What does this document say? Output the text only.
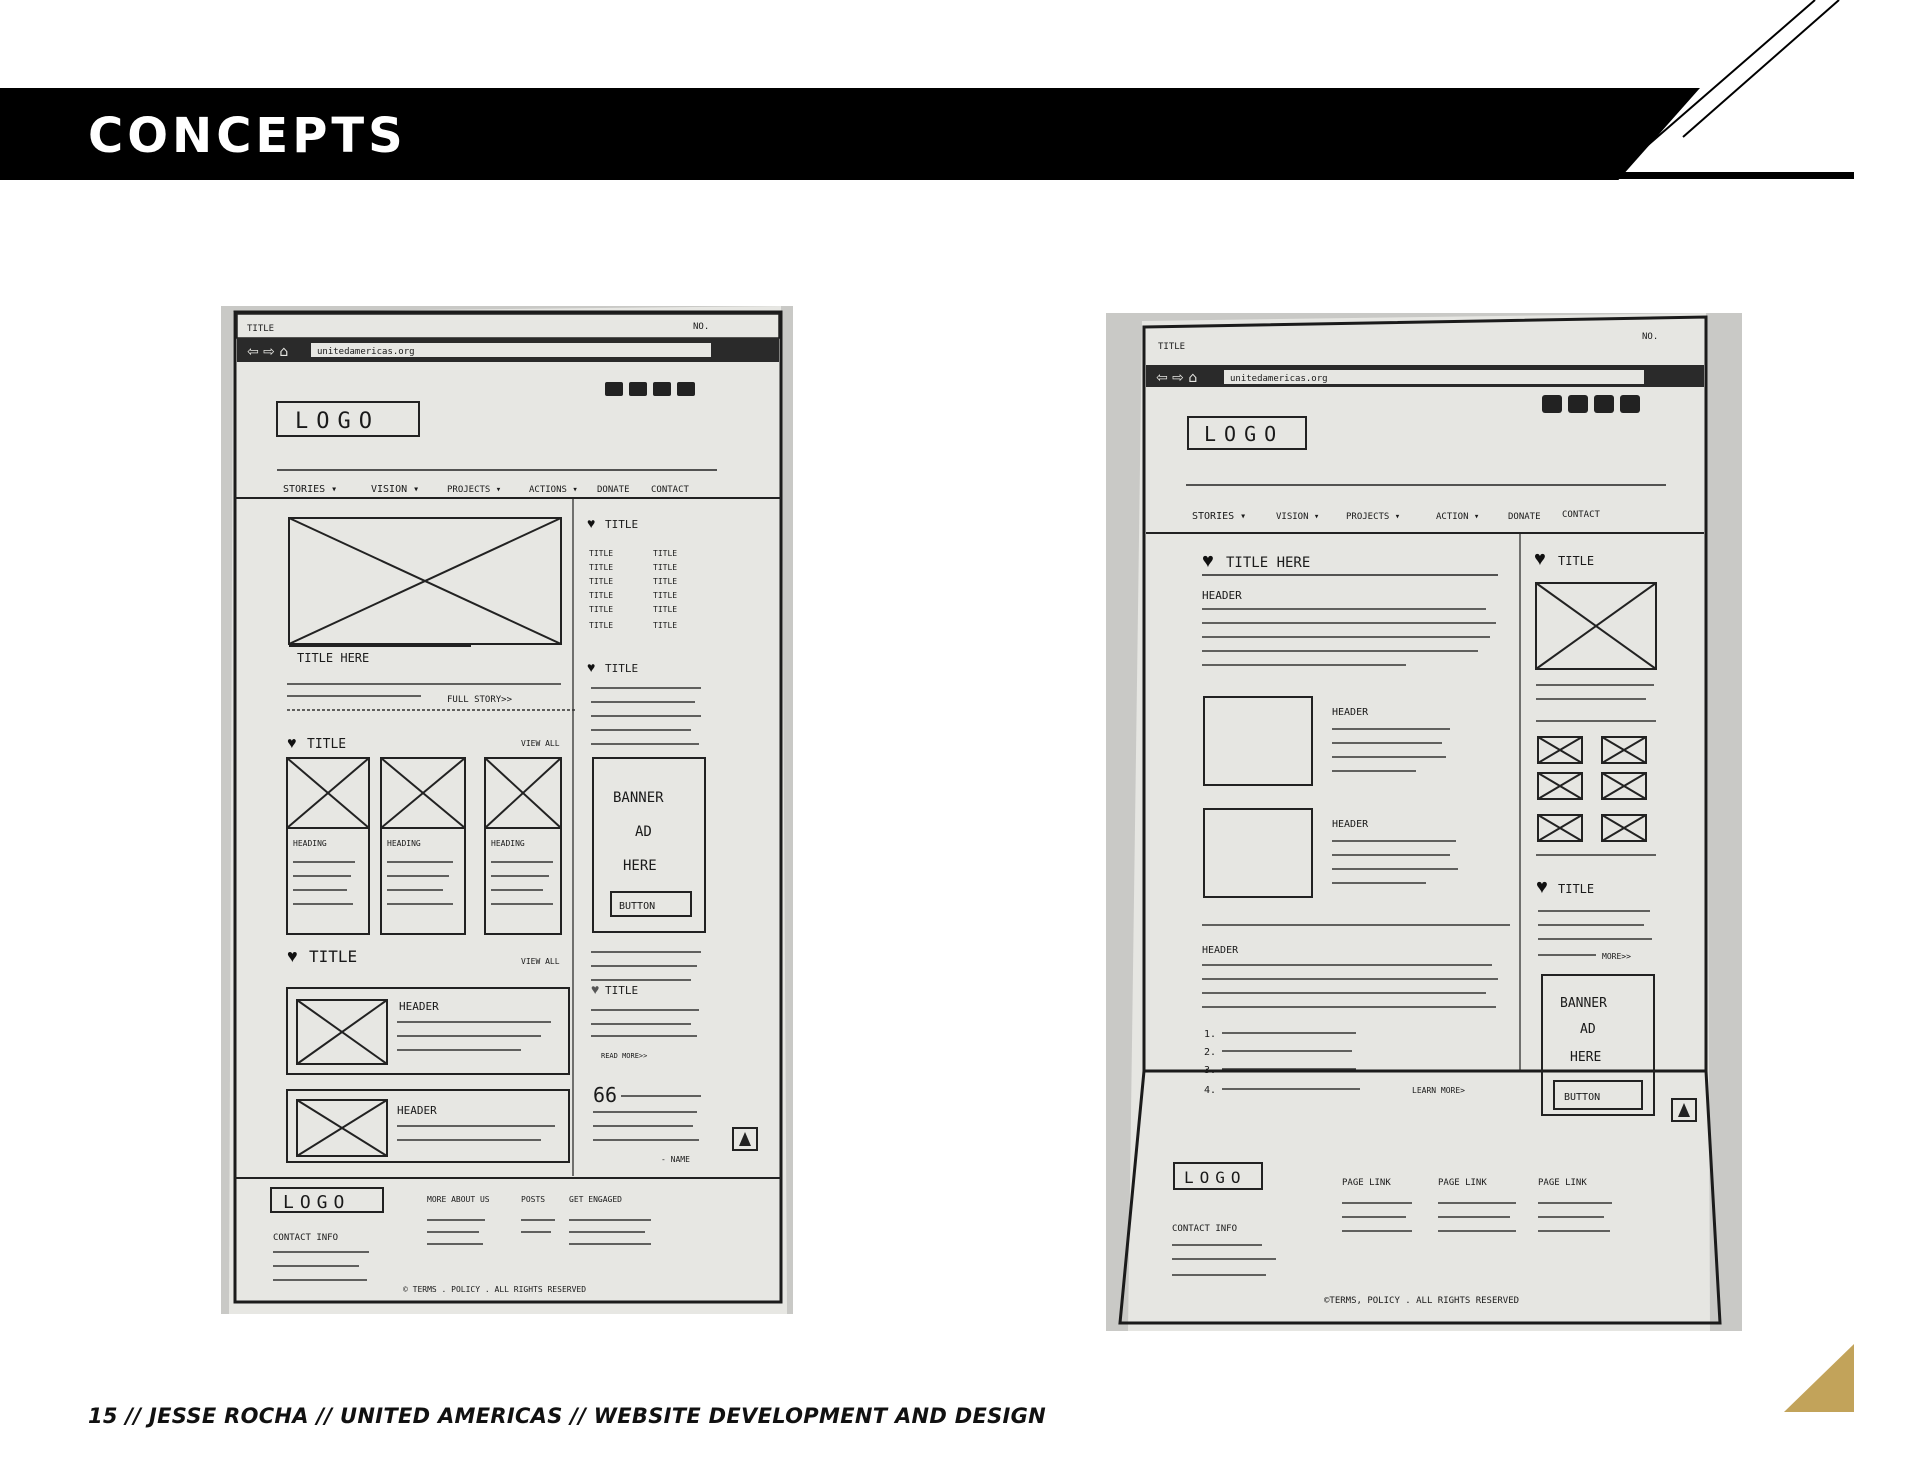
CONCEPTS
TITLE	NO.
⇦ ⇨ ⌂	unitedamericas.org
LOGO
STORIES ▾	VISION ▾	PROJECTS ▾	ACTIONS ▾ DONATE CONTACT
TITLE HERE
FULL STORY>>
♥ TITLE	VIEW ALL
HEADING	HEADING	HEADING
♥ TITLE	VIEW ALL
HEADER
HEADER
♥ TITLE
TITLE
TITLE
TITLE
TITLE
TITLE
TITLE
TITLE
TITLE
TITLE
TITLE
TITLE
TITLE
♥ TITLE
BANNER
AD
HERE
BUTTON
♥ TITLE
READ MORE>>
66
- NAME
LOGO
CONTACT INFO
MORE ABOUT US	POSTS	GET ENGAGED
© TERMS . POLICY . ALL RIGHTS RESERVED
TITLE
NO.
⇦ ⇨ ⌂	unitedamericas.org
LOGO
STORIES ▾	VISION ▾	PROJECTS ▾	ACTION ▾	DONATE CONTACT
♥ TITLE HERE
HEADER
HEADER
HEADER
HEADER
1.
2.
3.
4.	LEARN MORE>
♥ TITLE
♥ TITLE
MORE>>
BANNER
AD
HERE
BUTTON
LOGO
CONTACT INFO
PAGE LINK	PAGE LINK	PAGE LINK
©TERMS, POLICY . ALL RIGHTS RESERVED
15 // JESSE ROCHA // UNITED AMERICAS // WEBSITE DEVELOPMENT AND DESIGN
